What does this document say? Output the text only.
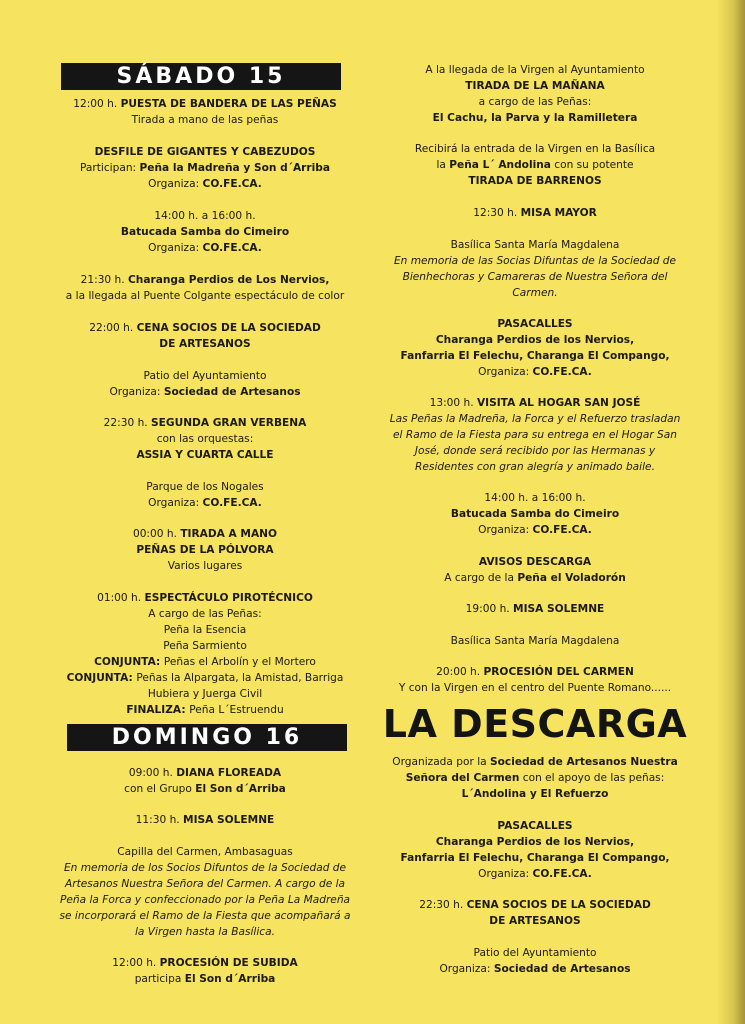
SÁBADO 15
12:00 h. PUESTA DE BANDERA DE LAS PEÑAS
Tirada a mano de las peñas
DESFILE DE GIGANTES Y CABEZUDOS
Participan: Peña la Madreña y Son d´Arriba
Organiza: CO.FE.CA.
14:00 h. a 16:00 h.
Batucada Samba do Cimeiro
Organiza: CO.FE.CA.
21:30 h. Charanga Perdios de Los Nervios,
a la llegada al Puente Colgante espectáculo de color
22:00 h. CENA SOCIOS DE LA SOCIEDAD
DE ARTESANOS
Patio del Ayuntamiento
Organiza: Sociedad de Artesanos
22:30 h. SEGUNDA GRAN VERBENA
con las orquestas:
ASSIA Y CUARTA CALLE
Parque de los Nogales
Organiza: CO.FE.CA.
00:00 h. TIRADA A MANO
PEÑAS DE LA PÓLVORA
Varios lugares
01:00 h. ESPECTÁCULO PIROTÉCNICO
A cargo de las Peñas:
Peña la Esencia
Peña Sarmiento
CONJUNTA: Peñas el Arbolín y el Mortero
CONJUNTA: Peñas la Alpargata, la Amistad, Barriga
Hubiera y Juerga Civil
FINALIZA: Peña L´Estruendu
DOMINGO 16
09:00 h. DIANA FLOREADA
con el Grupo El Son d´Arriba
11:30 h. MISA SOLEMNE
Capilla del Carmen, Ambasaguas
En memoria de los Socios Difuntos de la Sociedad de
Artesanos Nuestra Señora del Carmen. A cargo de la
Peña la Forca y confeccionado por la Peña La Madreña
se incorporará el Ramo de la Fiesta que acompañará a
la Virgen hasta la Basílica.
12:00 h. PROCESIÓN DE SUBIDA
participa El Son d´Arriba
A la llegada de la Virgen al Ayuntamiento
TIRADA DE LA MAÑANA
a cargo de las Peñas:
El Cachu, la Parva y la Ramilletera
Recibirá la entrada de la Virgen en la Basílica
la Peña L´ Andolina con su potente
TIRADA DE BARRENOS
12:30 h. MISA MAYOR
Basílica Santa María Magdalena
En memoria de las Socias Difuntas de la Sociedad de
Bienhechoras y Camareras de Nuestra Señora del
Carmen.
PASACALLES
Charanga Perdios de los Nervios,
Fanfarria El Felechu, Charanga El Compango,
Organiza: CO.FE.CA.
13:00 h. VISITA AL HOGAR SAN JOSÉ
Las Peñas la Madreña, la Forca y el Refuerzo trasladan
el Ramo de la Fiesta para su entrega en el Hogar San
José, donde será recibido por las Hermanas y
Residentes con gran alegría y animado baile.
14:00 h. a 16:00 h.
Batucada Samba do Cimeiro
Organiza: CO.FE.CA.
AVISOS DESCARGA
A cargo de la Peña el Voladorón
19:00 h. MISA SOLEMNE
Basílica Santa María Magdalena
20:00 h. PROCESIÓN DEL CARMEN
Y con la Virgen en el centro del Puente Romano......
LA DESCARGA
Organizada por la Sociedad de Artesanos Nuestra
Señora del Carmen con el apoyo de las peñas:
L´Andolina y El Refuerzo
PASACALLES
Charanga Perdios de los Nervios,
Fanfarria El Felechu, Charanga El Compango,
Organiza: CO.FE.CA.
22:30 h. CENA SOCIOS DE LA SOCIEDAD
DE ARTESANOS
Patio del Ayuntamiento
Organiza: Sociedad de Artesanos
